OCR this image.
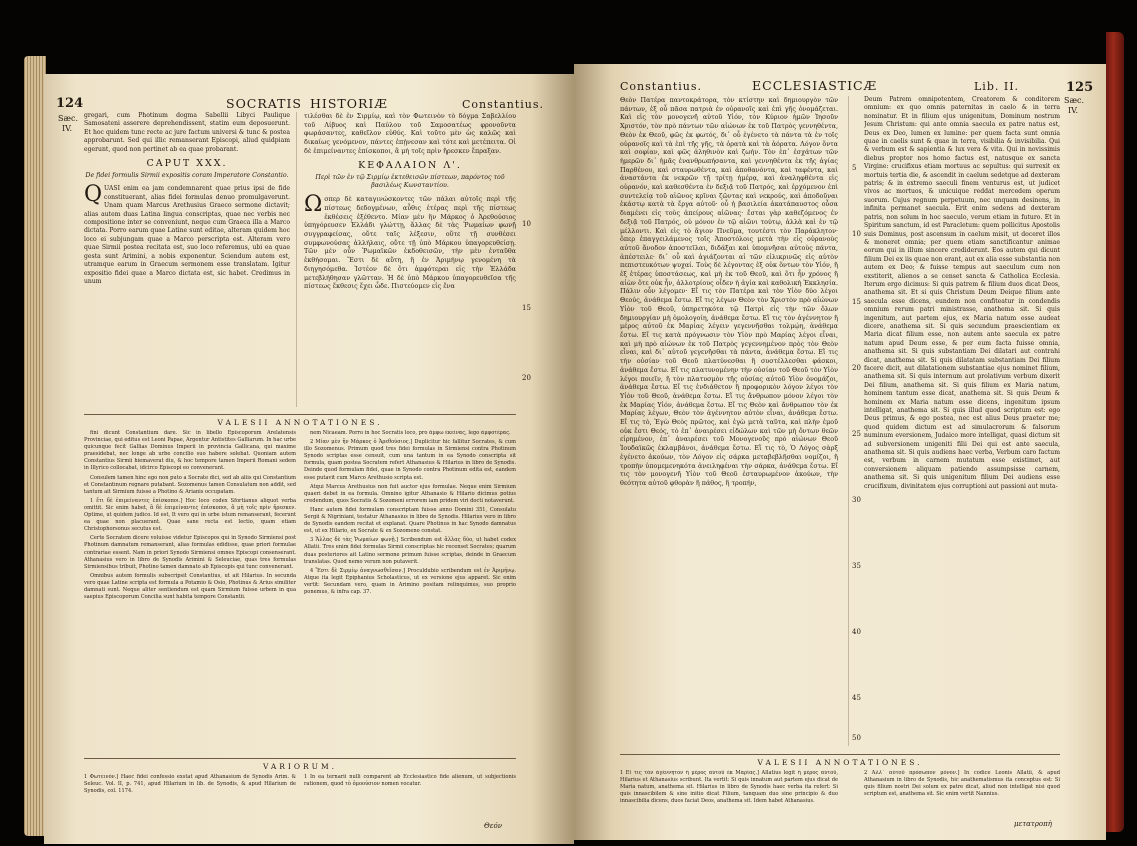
124	SOCRATIS HISTORIÆ	Constantius.
Sæc.
IV.

gregari, cum Photinum dogma Sabellii Libyci Paulique Samosateni asserere deprehendissent, statim eum deposuerunt. Et hoc quidem tunc recte ac jure factum universi & tunc & postea approbarunt. Sed qui illic remanserant Episcopi, aliud quidpiam egerunt, quod non pertinet ab ea quae probarant.

CAPUT XXX.
De fidei formulis Sirmii expositis coram Imperatore Constantio.

QUASI enim ea jam condemnarent quae prius ipsi de fide constituerant, alias fidei formulas denuo promulgaverunt. Unam quam Marcus Arethusius Graeco sermone dictavit; alias autem duas Latina lingua conscriptas, quae nec verbis nec compositione inter se conveniunt, neque cum Graeca illa a Marco dictata. Porro earum quae Latine sunt editae, alteram quidem hoc loco ei subjungam quae a Marco perscripta est. Alteram vero quae Sirmii postea recitata est, suo loco referemus, ubi ea quae gesta sunt Arimini, a nobis exponentur. Sciendum autem est, utramque earum in Graecum sermonem esse translatam. Igitur expositio fidei quae a Marco dictata est, sic habet. Credimus in unum

τιλέσθαι δὲ ἐν Σιρμίῳ, καὶ τὸν Φωτεινὸν τὸ δόγμα Σαβελλίου τοῦ Λίβυος καὶ Παύλου τοῦ Σαμοσατέως φρονοῦντα φωράσαντες, καθεῖλον εὐθύς. Καὶ τοῦτο μὲν ὡς καλῶς καὶ δικαίως γενόμενον, πάντες ἐπῄνεσαν καὶ τότε καὶ μετέπειτα. Οἱ δὲ ἐπιμείναντες ἐπίσκοποι, ἃ μὴ τοῖς πρὶν ἤρεσκεν ἔπραξαν.

ΚΕΦΑΛΑΙΟΝ Λ'.
Περὶ τῶν ἐν τῷ Σιρμίῳ ἐκτεθεισῶν πίστεων, παρόντος τοῦ βασιλέως Κωνσταντίου.

Ωσπερ δὲ καταγινώσκοντες τῶν πάλαι αὐτοῖς περὶ τῆς πίστεως δεδογμένων, αὖθις ἑτέρας περὶ τῆς πίστεως ἐκθέσεις ἐξέθεντο. Μίαν μὲν ἣν Μάρκος ὁ Ἀρεθούσιος ὑπηγόρευσεν Ἑλλάδι γλώττῃ, ἄλλας δὲ τὰς Ῥωμαίων φωνῇ συγγραφείσας, οὔτε ταῖς λέξεσιν, οὔτε τῇ συνθέσει συμφωνούσας ἀλλήλαις, οὔτε τῇ ὑπὸ Μάρκου ὑπαγορευθείσῃ. Τῶν μὲν οὖν Ῥωμαϊκῶν ἐκδοθεισῶν, τὴν μὲν ἐνταῦθα ἐκθήσομαι. Ἔστι δὲ αὕτη, ἣ ἐν Ἀριμήνῳ γενομένη τὰ διηγησόμεθα. Ἰστέον δὲ ὅτι ἀμφότεραι εἰς τὴν Ἑλλάδα μετεβλήθησαν γλῶτταν. Ἡ δὲ ὑπὸ Μάρκου ὑπαγορευθεῖσα τῆς πίστεως ἔκθεσις ἔχει ὧδε. Πιστεύομεν εἰς ἕνα

10
15
20
VALESII ANNOTATIONES.

fini dicunt Constantium dare. Sic in libello Episcoporum Arelatensis Provinciae, qui editus est Leoni Papae, Argentur Antistites Galliarum. In hac urbe quicunque fecit Gallias Dominus Imperii in provincia Gallicana, qui maxime praesidebat, nec longe ab urbe concilio suo habere solebat. Quoniam autem Constantius Sirmii hiemaverat diu, & hoc tempore tamen Imperii Romani sedem in Illyrico collocabat, idcirco Episcopi eo convenerunt.

Consulem tamen hinc ego non puto a Socrate dici, sed ab aliis qui Constantium et Constantinum regnare putabant. Sozomenus tamen Consulatum non addit, sed tantum ait Sirmium fuisse a Photino & Arianis occupatam.

1 ἔτι δὲ ἐπιμείναντες ἐπίσκοποι.] Hoc loco codex Sfortianus aliquot verba omittit. Sic enim habet, ἃ δὲ ἐπιμείναντες ἐπίσκοποι, ἃ μὴ τοῖς πρὶν ἤρεσκεν. Optime, ut quidem judico. Id est, It vero qui in urbe istum remanserant, fecerunt ea quae non placuerant. Quae sane recta est lectio, quam etiam Christophorsonus secutus est.

Certe Socratem dicere voluisse videtur Episcopos qui in Synodo Sirmiensi post Photinum damnatum remanserant, alias formulas edidisse, quae priori formulae contrariae essent. Nam in priori Synodo Sirmiensi omnes Episcopi consenserant. Athanasius vero in libro de Synodis Arimini & Seleuciae, quas tres formulas Sirmiensibus tribuit, Photino tamen damnato ab Episcopis qui tunc convenerant.

Omnibus autem formulis subscripsit Constantius, ut ait Hilarius. In secunda vero quae Latine scripta est formula a Potamio & Osio, Photinus & Arius similiter damnati sunt. Neque aliter sentiendum est quam Sirmium fuisse urbem in qua saepius Episcoporum Concilia sunt habita tempore Constantii.

nem Nicaeam. Porro in hoc Socratis loco, pro ἄμφω ἐκείνας, lego ἀμφοτέρας.

2 Μίαν μὲν ἣν Μάρκος ὁ Ἀρεθούσιος.] Duplicitur hic fallitur Socrates, & cum illo Sozomenus. Primum quod tres fidei formulas in Sirmiensi contra Photinum Synodo scriptas esse censuit, cum una tantum in ea Synodo conscripta sit formula, quam postea Socratem refert Athanasius & Hilarius in libro de Synodis. Deinde quod formulam fidei, quae in Synodo contra Photinum edita est, eandem esse putavit cum Marco Arethusio scripta est.

Atqui Marcus Arethusius non fuit auctor ejus formulae. Neque enim Sirmium quaeri debet in ea formula. Omnino igitur Athanasio & Hilario dicimus potius credendum, quos Socratis & Sozomeni errorem iam pridem viri docti notaverunt.

Hanc autem fidei formulam conscriptam fuisse anno Domini 351, Consulatu Sergii & Nigriniani, testatur Athanasius in libro de Synodis. Hilarius vero in libro de Synodis eandem recitat et explanat. Quare Photinus in hac Synodo damnatus est, ut ex Hilario, ex Socrate & ex Sozomeno constat.

3 Ἄλλας δὲ τὰς Ῥωμαίων φωνῇ.] Scribendum est ἄλλας δύο, ut habet codex Allatii. Tres enim fidei formulas Sirmii conscriptas hic recenset Socrates; quarum duas posteriores ait Latino sermone primum fuisse scriptas, deinde in Graecum translatas. Quod nemo verum non putaverit.

4 Ἔστι δὲ Σιρμίῳ ἀναγνωσθεῖσαν.] Proculdubio scribendum est ἐν Ἀριμήνῳ. Atque ita legit Epiphanius Scholasticus, ut ex versione ejus apparet. Sic enim vertit: Secundam vero, quam in Arimino positam relinquimus, suo proprio ponemus, & infra cap. 37.

VARIORUM.
1 Φωτεινὸν.] Haec fidei confessio exstat apud Athanasium de Synodis Arim. & Seleuc. Vol. II, p. 741, apud Hilarium in lib. de Synodis, & apud Hilarium de Synodis, col. 1174.
1 In ea ternarii nulli comparent ab Ecclesiastico fide alienum, ut subjectionis rationem, quod τὸ ὁμοούσιον nomen vocatur.
Θεόν
Constantius.	ECCLESIASTICÆ	Lib. II.	125
Sæc.
IV.
Θεὸν Πατέρα παντοκράτορα, τὸν κτίστην καὶ δημιουργὸν τῶν πάντων, ἐξ οὗ πᾶσα πατριὰ ἐν οὐρανοῖς καὶ ἐπὶ γῆς ὀνομάζεται. Καὶ εἰς τὸν μονογενῆ αὐτοῦ Υἱόν, τὸν Κύριον ἡμῶν Ἰησοῦν Χριστόν, τὸν πρὸ πάντων τῶν αἰώνων ἐκ τοῦ Πατρὸς γεννηθέντα, Θεὸν ἐκ Θεοῦ, φῶς ἐκ φωτός, δι᾽ οὗ ἐγένετο τὰ πάντα τὰ ἐν τοῖς οὐρανοῖς καὶ τὰ ἐπὶ τῆς γῆς, τὰ ὁρατὰ καὶ τὰ ἀόρατα. Λόγον ὄντα καὶ σοφίαν, καὶ φῶς ἀληθινὸν καὶ ζωήν. Τὸν ἐπ᾽ ἐσχάτων τῶν ἡμερῶν δι᾽ ἡμᾶς ἐνανθρωπήσαντα, καὶ γεννηθέντα ἐκ τῆς ἁγίας Παρθένου, καὶ σταυρωθέντα, καὶ ἀποθανόντα, καὶ ταφέντα, καὶ ἀναστάντα ἐκ νεκρῶν τῇ τρίτῃ ἡμέρᾳ, καὶ ἀναληφθέντα εἰς οὐρανόν, καὶ καθεσθέντα ἐν δεξιᾷ τοῦ Πατρός, καὶ ἐρχόμενον ἐπὶ συντελείᾳ τοῦ αἰῶνος κρῖναι ζῶντας καὶ νεκρούς, καὶ ἀποδοῦναι ἑκάστῳ κατὰ τὰ ἔργα αὐτοῦ· οὗ ἡ βασιλεία ἀκατάπαυστος οὖσα διαμένει εἰς τοὺς ἀπείρους αἰῶνας· ἔσται γὰρ καθεζόμενος ἐν δεξιᾷ τοῦ Πατρός, οὐ μόνον ἐν τῷ αἰῶνι τούτῳ, ἀλλὰ καὶ ἐν τῷ μέλλοντι. Καὶ εἰς τὸ ἅγιον Πνεῦμα, τουτέστι τὸν Παράκλητον· ὅπερ ἐπαγγειλάμενος τοῖς Ἀποστόλοις μετὰ τὴν εἰς οὐρανοὺς αὐτοῦ ἄνοδον ἀποστεῖλαι, διδάξαι καὶ ὑπομνῆσαι αὐτοὺς πάντα, ἀπέστειλε· δι᾽ οὗ καὶ ἁγιάζονται αἱ τῶν εἰλικρινῶς εἰς αὐτὸν πεπιστευκότων ψυχαί. Τοὺς δὲ λέγοντας ἐξ οὐκ ὄντων τὸν Υἱόν, ἢ ἐξ ἑτέρας ὑποστάσεως, καὶ μὴ ἐκ τοῦ Θεοῦ, καὶ ὅτι ἦν χρόνος ἢ αἰὼν ὅτε οὐκ ἦν, ἀλλοτρίους οἶδεν ἡ ἁγία καὶ καθολικὴ Ἐκκλησία. Πάλιν οὖν λέγομεν· Εἴ τις τὸν Πατέρα καὶ τὸν Υἱὸν δύο λέγοι Θεούς, ἀνάθεμα ἔστω. Εἴ τις λέγων Θεὸν τὸν Χριστὸν πρὸ αἰώνων Υἱὸν τοῦ Θεοῦ, ὑπηρετηκότα τῷ Πατρὶ εἰς τὴν τῶν ὅλων δημιουργίαν μὴ ὁμολογοίη, ἀνάθεμα ἔστω. Εἴ τις τὸν ἀγέννητον ἢ μέρος αὐτοῦ ἐκ Μαρίας λέγειν γεγεννῆσθαι τολμῴη, ἀνάθεμα ἔστω. Εἴ τις κατὰ πρόγνωσιν τὸν Υἱὸν πρὸ Μαρίας λέγοι εἶναι, καὶ μὴ πρὸ αἰώνων ἐκ τοῦ Πατρὸς γεγεννημένον πρὸς τὸν Θεὸν εἶναι, καὶ δι᾽ αὐτοῦ γεγενῆσθαι τὰ πάντα, ἀνάθεμα ἔστω. Εἴ τις τὴν οὐσίαν τοῦ Θεοῦ πλατύνεσθαι ἢ συστέλλεσθαι φάσκοι, ἀνάθεμα ἔστω. Εἴ τις πλατυνομένην τὴν οὐσίαν τοῦ Θεοῦ τὸν Υἱὸν λέγοι ποιεῖν, ἢ τὸν πλατυσμὸν τῆς οὐσίας αὐτοῦ Υἱὸν ὀνομάζοι, ἀνάθεμα ἔστω. Εἴ τις ἐνδιάθετον ἢ προφορικὸν λόγον λέγοι τὸν Υἱὸν τοῦ Θεοῦ, ἀνάθεμα ἔστω. Εἴ τις ἄνθρωπον μόνον λέγοι τὸν ἐκ Μαρίας Υἱόν, ἀνάθεμα ἔστω. Εἴ τις Θεὸν καὶ ἄνθρωπον τὸν ἐκ Μαρίας λέγων, Θεὸν τὸν ἀγέννητον αὐτὸν εἶναι, ἀνάθεμα ἔστω. Εἴ τις τὸ, Ἐγὼ Θεὸς πρῶτος, καὶ ἐγὼ μετὰ ταῦτα, καὶ πλὴν ἐμοῦ οὐκ ἔστι Θεός, τὸ ἐπ᾽ ἀναιρέσει εἰδώλων καὶ τῶν μὴ ὄντων θεῶν εἰρημένον, ἐπ᾽ ἀναιρέσει τοῦ Μονογενοῦς πρὸ αἰώνων Θεοῦ Ἰουδαϊκῶς ἐκλαμβάνοι, ἀνάθεμα ἔστω. Εἴ τις τὸ, Ὁ Λόγος σὰρξ ἐγένετο ἀκούων, τὸν Λόγον εἰς σάρκα μεταβεβλῆσθαι νομίζοι, ἢ τροπὴν ὑπομεμενηκότα ἀνειληφέναι τὴν σάρκα, ἀνάθεμα ἔστω. Εἴ τις τὸν μονογενῆ Υἱὸν τοῦ Θεοῦ ἐσταυρωμένον ἀκούων, τὴν θεότητα αὐτοῦ φθορὰν ἢ πάθος, ἢ τροπήν,
5
10
15
20
25
30
35
40
45
50
Deum Patrem omnipotentem, Creatorem & conditorem omnium: ex quo omnis paternitas in caelo & in terra nominatur. Et in filium ejus unigenitum, Dominum nostrum Jesum Christum: qui ante omnia saecula ex patre natus est, Deus ex Deo, lumen ex lumine: per quem facta sunt omnia quae in caelis sunt & quae in terra, visibilia & invisibilia. Qui & verbum est & sapientia & lux vera & vita. Qui in novissimis diebus propter nos homo factus est, natusque ex sancta Virgine: crucifixus etiam mortuus ac sepultus: qui surrexit ex mortuis tertia die, & ascendit in caelum sedetque ad dexteram patris; & in extremo saeculi finem venturus est, ut judicet vivos ac mortuos, & unicuique reddat mercedem operum suorum. Cujus regnum perpetuum, nec unquam desinens, in infinita permanet saecula. Erit enim sedens ad dexteram patris, non solum in hoc saeculo, verum etiam in futuro. Et in Spiritum sanctum, id est Paracletum: quem pollicitus Apostolis suis Dominus, post ascensum in caelum misit, ut doceret illos & moneret omnia; per quem etiam sanctificantur animae eorum qui in illum sincere crediderunt. Eos autem qui dicunt filium Dei ex iis quae non erant, aut ex alia esse substantia non autem ex Deo; & fuisse tempus aut saeculum cum non exstiterit, alienos a se censet sancta & Catholica Ecclesia. Iterum ergo dicimus: Si quis patrem & filium duos dicat Deos, anathema sit. Et si quis Christum Deum Deique filium ante saecula esse dicens, eundem non confiteatur in condendis omnium rerum patri ministrasse, anathema sit. Si quis ingenitum, aut partem ejus, ex Maria natum esse audeat dicere, anathema sit. Si quis secundum praescientiam ex Maria dicat filium esse, non autem ante saecula ex patre natum apud Deum esse, & per eum facta fuisse omnia, anathema sit. Si quis substantiam Dei dilatari aut contrahi dicat, anathema sit. Si quis dilatatam substantiam Dei filium facere dicit, aut dilatationem substantiae ejus nominet filium, anathema sit. Si quis internum aut prolativum verbum dixerit Dei filium, anathema sit. Si quis filium ex Maria natum, hominem tantum esse dicat, anathema sit. Si quis Deum & hominem ex Maria natum esse dicens, ingenitum ipsum intelligat, anathema sit. Si quis illud quod scriptum est: ego Deus primus, & ego postea, nec est alius Deus praeter me; quod quidem dictum est ad simulacrorum & falsorum numinum eversionem, Judaico more intelligat, quasi dictum sit ad subversionem unigeniti filii Dei qui est ante saecula, anathema sit. Si quis audiens haec verba, Verbum caro factum est, verbum in carnem mutatum esse existimet, aut conversionem aliquam patiendo assumpsisse carnem, anathema sit. Si quis unigenitum filium Dei audiens esse crucifixum, divinitatem ejus corruptioni aut passioni aut muta-
VALESII ANNOTATIONES.
1 Εἴ τις τὸν ἀγέννητον ἢ μέρος αὐτοῦ ἐκ Μαρίας.] Allatius legit ἢ μέρος αὐτοῦ, Hilarius et Athanasius scribunt. Ita vertit: Si quis innatum aut partem ejus dicat de Maria natum, anathema sit. Hilarius in libro de Synodis haec verba ita refert: Si quis innascibilem & sine initio dicat Filium, tanquam duo sine principio & duo innascibilia dicens, duos faciat Deos, anathema sit. Idem habet Athanasius.
2 Ἀλλ᾽ αὐτοῦ πρόσωπον μόνον.] In codice Leonis Allatii, & apud Athanasium in libro de Synodis, hic anathematismus ita conceptus est: Si quis filium nostri Dei solum ex patre dicat, aliud non intelligat nisi quod scriptum est, anathema sit. Sic enim vertit Nannius.
μετατροπὴ
